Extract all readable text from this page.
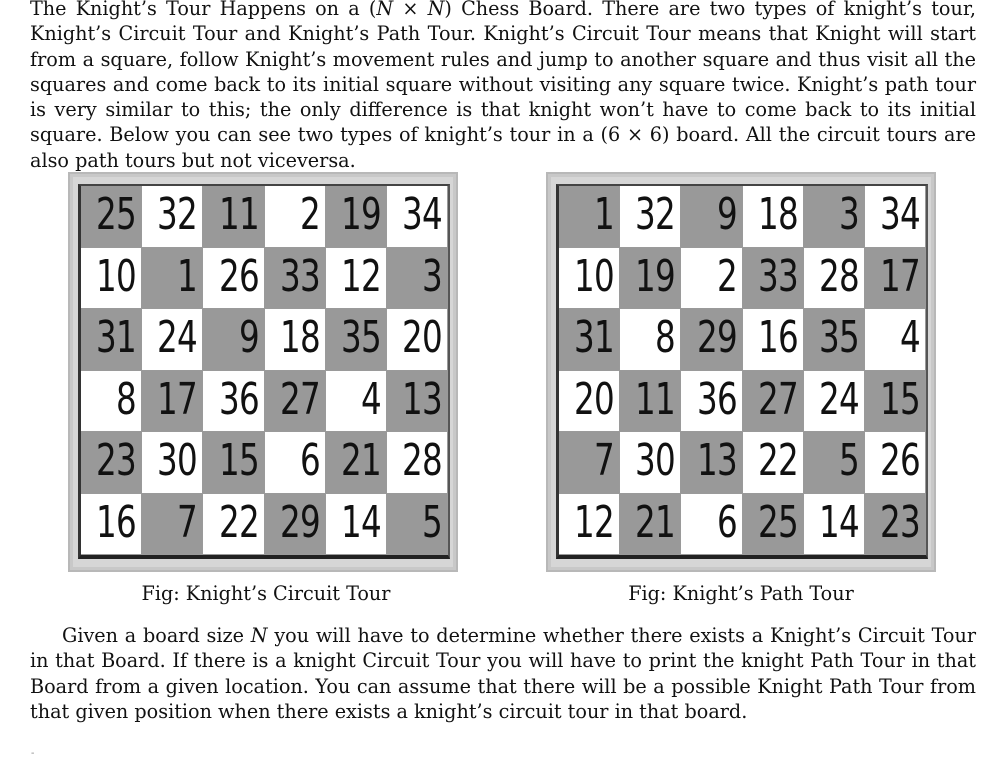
The Knight’s Tour Happens on a (N × N) Chess Board. There are two types of knight’s tour, Knight’s Circuit Tour and Knight’s Path Tour. Knight’s Circuit Tour means that Knight will start from a square, follow Knight’s movement rules and jump to another square and thus visit all the squares and come back to its initial square without visiting any square twice. Knight’s path tour is very similar to this; the only difference is that knight won’t have to come back to its initial square. Below you can see two types of knight’s tour in a (6 × 6) board. All the circuit tours are also path tours but not viceversa.
25 32 11 2 19 34
10 1 26 33 12 3
31 24 9 18 35 20
8 17 36 27 4 13
23 30 15 6 21 28
16 7 22 29 14 5
1 32 9 18 3 34
10 19 2 33 28 17
31 8 29 16 35 4
20 11 36 27 24 15
7 30 13 22 5 26
12 21 6 25 14 23
Fig: Knight’s Circuit Tour	Fig: Knight’s Path Tour
Given a board size N you will have to determine whether there exists a Knight’s Circuit Tour in that Board. If there is a knight Circuit Tour you will have to print the knight Path Tour in that Board from a given location. You can assume that there will be a possible Knight Path Tour from that given position when there exists a knight’s circuit tour in that board.
-
